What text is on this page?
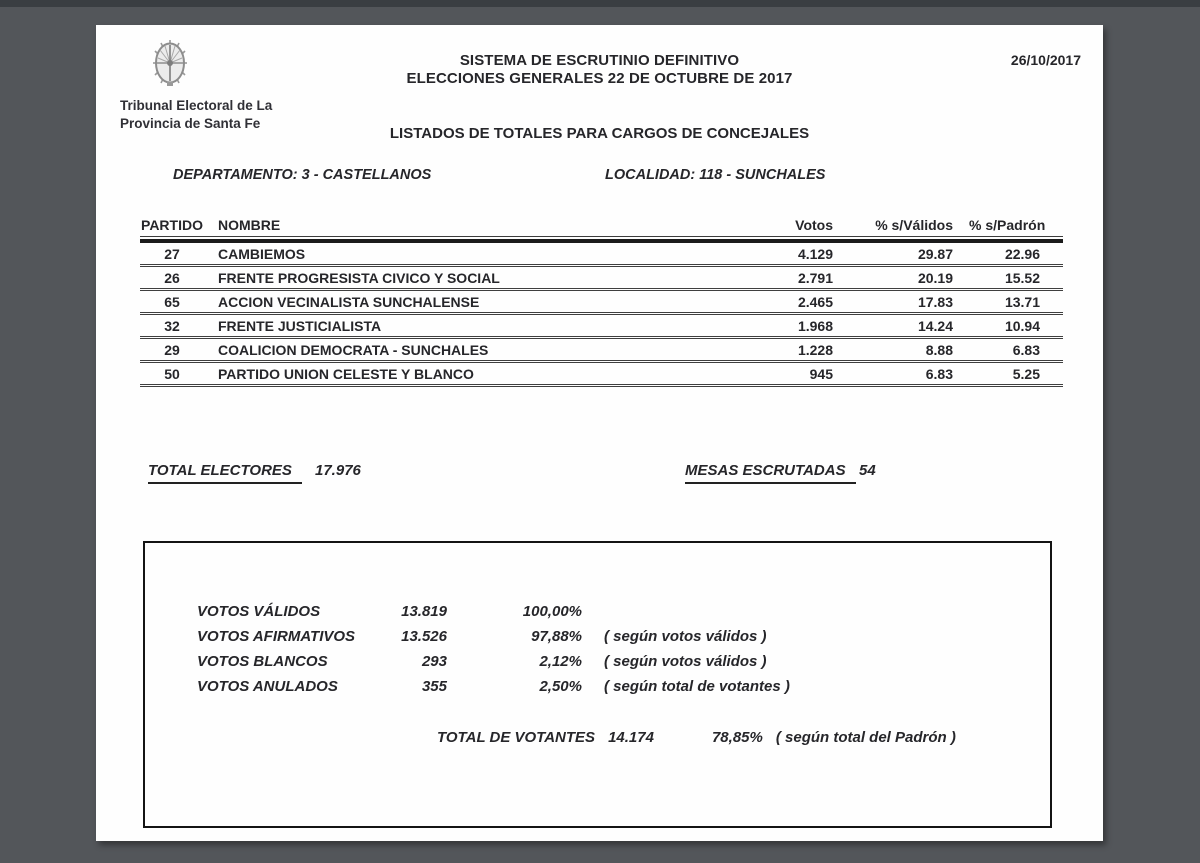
Tribunal Electoral de La
Provincia de Santa Fe
SISTEMA DE ESCRUTINIO DEFINITIVO
ELECCIONES GENERALES 22 DE OCTUBRE DE 2017
26/10/2017
LISTADOS DE TOTALES PARA CARGOS DE CONCEJALES
DEPARTAMENTO: 3 - CASTELLANOS	LOCALIDAD: 118 - SUNCHALES
PARTIDO	NOMBRE	Votos	% s/Válidos	% s/Padrón
27	CAMBIEMOS	4.129	29.87	22.96
26	FRENTE PROGRESISTA CIVICO Y SOCIAL	2.791	20.19	15.52
65	ACCION VECINALISTA SUNCHALENSE	2.465	17.83	13.71
32	FRENTE JUSTICIALISTA	1.968	14.24	10.94
29	COALICION DEMOCRATA - SUNCHALES	1.228	8.88	6.83
50	PARTIDO UNION CELESTE Y BLANCO	945	6.83	5.25
TOTAL ELECTORES	17.976	MESAS ESCRUTADAS 54
VOTOS VÁLIDOS	13.819	100,00%
VOTOS AFIRMATIVOS	13.526	97,88%	( según votos válidos )
VOTOS BLANCOS	293	2,12%	( según votos válidos )
VOTOS ANULADOS	355	2,50%	( según total de votantes )
TOTAL DE VOTANTES 14.174	78,85% ( según total del Padrón )
